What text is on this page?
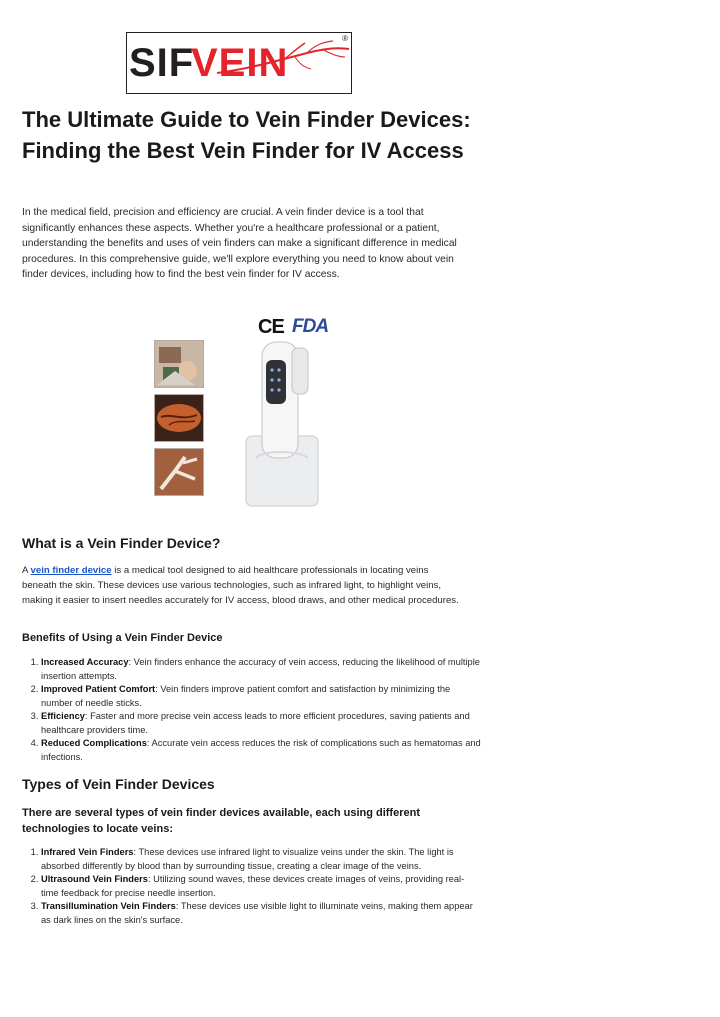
SIF
VEIN
®
The Ultimate Guide to Vein Finder Devices: Finding the Best Vein Finder for IV Access

In the medical field, precision and efficiency are crucial. A vein finder device is a tool that significantly enhances these aspects. Whether you're a healthcare professional or a patient, understanding the benefits and uses of vein finders can make a significant difference in medical procedures. In this comprehensive guide, we'll explore everything you need to know about vein finder devices, including how to find the best vein finder for IV access.

CE FDA
What is a Vein Finder Device?

A vein finder device is a medical tool designed to aid healthcare professionals in locating veins beneath the skin. These devices use various technologies, such as infrared light, to highlight veins, making it easier to insert needles accurately for IV access, blood draws, and other medical procedures.

Benefits of Using a Vein Finder Device
1. Increased Accuracy: Vein finders enhance the accuracy of vein access, reducing the likelihood of multiple insertion attempts.
2. Improved Patient Comfort: Vein finders improve patient comfort and satisfaction by minimizing the number of needle sticks.
3. Efficiency: Faster and more precise vein access leads to more efficient procedures, saving patients and healthcare providers time.
4. Reduced Complications: Accurate vein access reduces the risk of complications such as hematomas and infections.
Types of Vein Finder Devices
There are several types of vein finder devices available, each using different technologies to locate veins:
1. Infrared Vein Finders: These devices use infrared light to visualize veins under the skin. The light is absorbed differently by blood than by surrounding tissue, creating a clear image of the veins.
2. Ultrasound Vein Finders: Utilizing sound waves, these devices create images of veins, providing real-time feedback for precise needle insertion.
3. Transillumination Vein Finders: These devices use visible light to illuminate veins, making them appear as dark lines on the skin's surface.
